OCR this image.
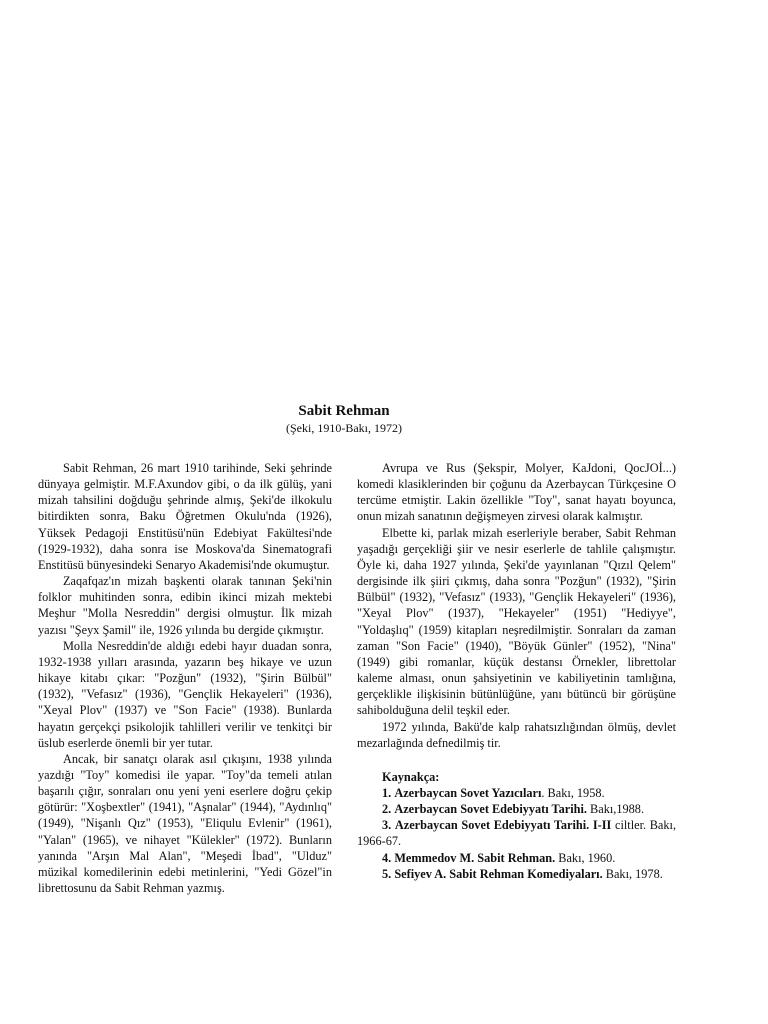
Sabit Rehman
(Şeki, 1910-Bakı, 1972)

Sabit Rehman, 26 mart 1910 tarihinde, Seki şehrinde dünyaya gelmiştir. M.F.Axundov gibi, o da ilk gülüş, yani mizah tahsilini doğduğu şehrinde almış, Şeki'de ilkokulu bitirdikten sonra, Baku Öğretmen Okulu'nda (1926), Yüksek Pedagoji Enstitüsü'nün Edebiyat Fakültesi'nde (1929-1932), daha sonra ise Moskova'da Sinematografi Enstitüsü bünyesindeki Senaryo Akademisi'nde okumuştur.

Zaqafqaz'ın mizah başkenti olarak tanınan Şeki'nin folklor muhitinden sonra, edibin ikinci mizah mektebi Meşhur "Molla Nesreddin" dergisi olmuştur. İlk mizah yazısı "Şeyx Şamil" ile, 1926 yılında bu dergide çıkmıştır.

Molla Nesreddin'de aldığı edebi hayır duadan sonra, 1932-1938 yılları arasında, yazarın beş hikaye ve uzun hikaye kitabı çıkar: "Pozğun" (1932), "Şirin Bülbül" (1932), "Vefasız" (1936), "Gençlik Hekayeleri" (1936), "Xeyal Plov" (1937) ve "Son Facie" (1938). Bunlarda hayatın gerçekçi psikolojik tahlilleri verilir ve tenkitçi bir üslub eserlerde önemli bir yer tutar.

Ancak, bir sanatçı olarak asıl çıkışını, 1938 yılında yazdığı "Toy" komedisi ile yapar. "Toy"da temeli atılan başarılı çığır, sonraları onu yeni yeni eserlere doğru çekip götürür: "Xoşbextler" (1941), "Aşnalar" (1944), "Aydınlıq" (1949), "Nişanlı Qız" (1953), "Eliqulu Evlenir" (1961), "Yalan" (1965), ve nihayet "Külekler" (1972). Bunların yanında "Arşın Mal Alan", "Meşedi İbad", "Ulduz" müzikal komedilerinin edebi metinlerini, "Yedi Gözel"in librettosunu da Sabit Rehman yazmış.

Avrupa ve Rus (Şekspir, Molyer, KaJdoni, QocJOİ...) komedi klasiklerinden bir çoğunu da Azerbaycan Türkçesine O tercüme etmiştir. Lakin özellikle "Toy", sanat hayatı boyunca, onun mizah sanatının değişmeyen zirvesi olarak kalmıştır.

Elbette ki, parlak mizah eserleriyle beraber, Sabit Rehman yaşadığı gerçekliği şiir ve nesir eserlerle de tahlile çalışmıştır. Öyle ki, daha 1927 yılında, Şeki'de yayınlanan "Qızıl Qelem" dergisinde ilk şiiri çıkmış, daha sonra "Pozğun" (1932), "Şirin Bülbül" (1932), "Vefasız" (1933), "Gençlik Hekayeleri" (1936), "Xeyal Plov" (1937), "Hekayeler" (1951) "Hediyye", "Yoldaşlıq" (1959) kitapları neşredilmiştir. Sonraları da zaman zaman "Son Facie" (1940), "Böyük Günler" (1952), "Nina" (1949) gibi romanlar, küçük destansı Örnekler, librettolar kaleme alması, onun şahsiyetinin ve kabiliyetinin tamlığına, gerçeklikle ilişkisinin bütünlüğüne, yanı bütüncü bir görüşüne sahibolduğuna delil teşkil eder.

1972 yılında, Bakü'de kalp rahatsızlığından ölmüş, devlet mezarlağında defnedilmiş tir.

Kaynakça:

1. Azerbaycan Sovet Yazıcıları. Bakı, 1958.

2. Azerbaycan Sovet Edebiyyatı Tarihi. Bakı,1988.

3. Azerbaycan Sovet Edebiyyatı Tarihi. I-II ciltler. Bakı, 1966-67.

4. Memmedov M. Sabit Rehman. Bakı, 1960.

5. Sefiyev A. Sabit Rehman Komediyaları. Bakı, 1978.
